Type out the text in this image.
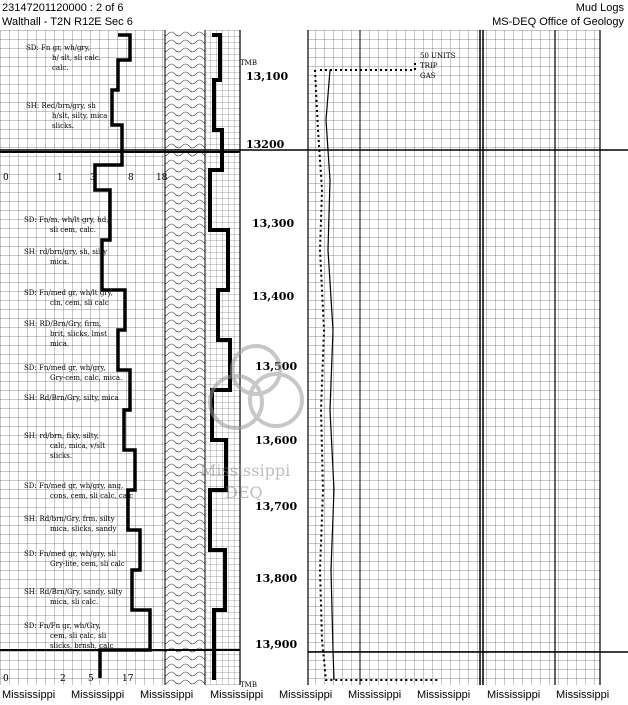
23147201120000 : 2 of 6
Walthall - T2N R12E Sec 6
Mud Logs
MS-DEQ Office of Geology
13,100
13200
13,300
13,400
13,500
13,600
13,700
13,800
13,900
0	1	3	8 18
0	2 5	17
TMB
TMB
50 UNITS
TRIP
GAS
SD: Fn gr, wh/gry,
h/ slt, sli calc.
calc.
SH: Red/brn/gry, sh
h/slt, silty, mica
slicks.
SD: Fn/m, wh/lt gry, hd,
sli cem, calc.
SH: rd/brn/gry, sh, silty
mica.
SD: Fn/med gr, wh/lt gry,
cln, cem, sli calc
SH: RD/Brn/Gry, firm,
brit, slicks, lmst
mica.
SD: Fn/med gr, wh/gry,
Gry-cem, calc, mica.
SH: Rd/Brn/Gry, silty, mica
SH: rd/brn, fiky, silty,
calc, mica, v/slt
slicks.
SD: Fn/med gr, wh/gry, ang,
cons, cem, sli calc, calc
SH: Rd/brn/Gry, frm, silty
mica, slicks, sandy
SD: Fn/med gr, wh/gry, sli
Gry-lite, cem, sli calc
SH: Rd/Brn/Gry, sandy, silty
mica, sli calc.
SD: Fn/Fn gr, wh/Gry,
cem, sli calc, sli
slicks, brnsh, calc
Mississippi
DEQ
Mississippi Mississippi Mississippi Mississippi Mississippi Mississippi Mississippi Mississippi Mississippi
